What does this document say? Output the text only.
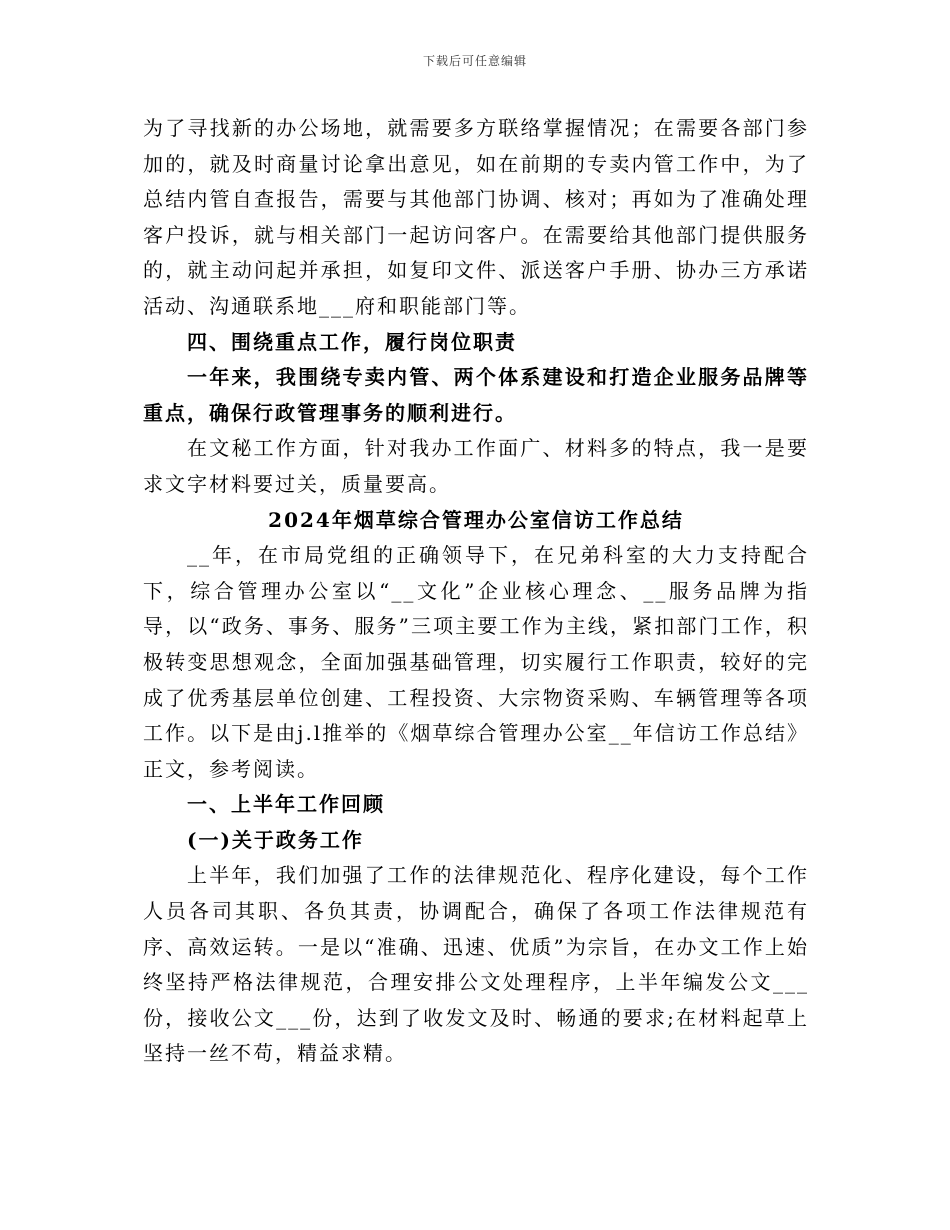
下载后可任意编辑

为了寻找新的办公场地，就需要多方联络掌握情况；在需要各部门参加的，就及时商量讨论拿出意见，如在前期的专卖内管工作中，为了总结内管自查报告，需要与其他部门协调、核对；再如为了准确处理客户投诉，就与相关部门一起访问客户。在需要给其他部门提供服务的，就主动问起并承担，如复印文件、派送客户手册、协办三方承诺活动、沟通联系地___府和职能部门等。

四、围绕重点工作，履行岗位职责

一年来，我围绕专卖内管、两个体系建设和打造企业服务品牌等重点，确保行政管理事务的顺利进行。

在文秘工作方面，针对我办工作面广、材料多的特点，我一是要求文字材料要过关，质量要高。

2024年烟草综合管理办公室信访工作总结

__年，在市局党组的正确领导下，在兄弟科室的大力支持配合下，综合管理办公室以“__文化”企业核心理念、__服务品牌为指导，以“政务、事务、服务”三项主要工作为主线，紧扣部门工作，积极转变思想观念，全面加强基础管理，切实履行工作职责，较好的完成了优秀基层单位创建、工程投资、大宗物资采购、车辆管理等各项工作。以下是由j.l推举的《烟草综合管理办公室__年信访工作总结》正文，参考阅读。

一、上半年工作回顾

(一)关于政务工作

上半年，我们加强了工作的法律规范化、程序化建设，每个工作人员各司其职、各负其责，协调配合，确保了各项工作法律规范有序、高效运转。一是以“准确、迅速、优质”为宗旨，在办文工作上始终坚持严格法律规范，合理安排公文处理程序，上半年编发公文___份，接收公文___份，达到了收发文及时、畅通的要求;在材料起草上坚持一丝不苟，精益求精。
